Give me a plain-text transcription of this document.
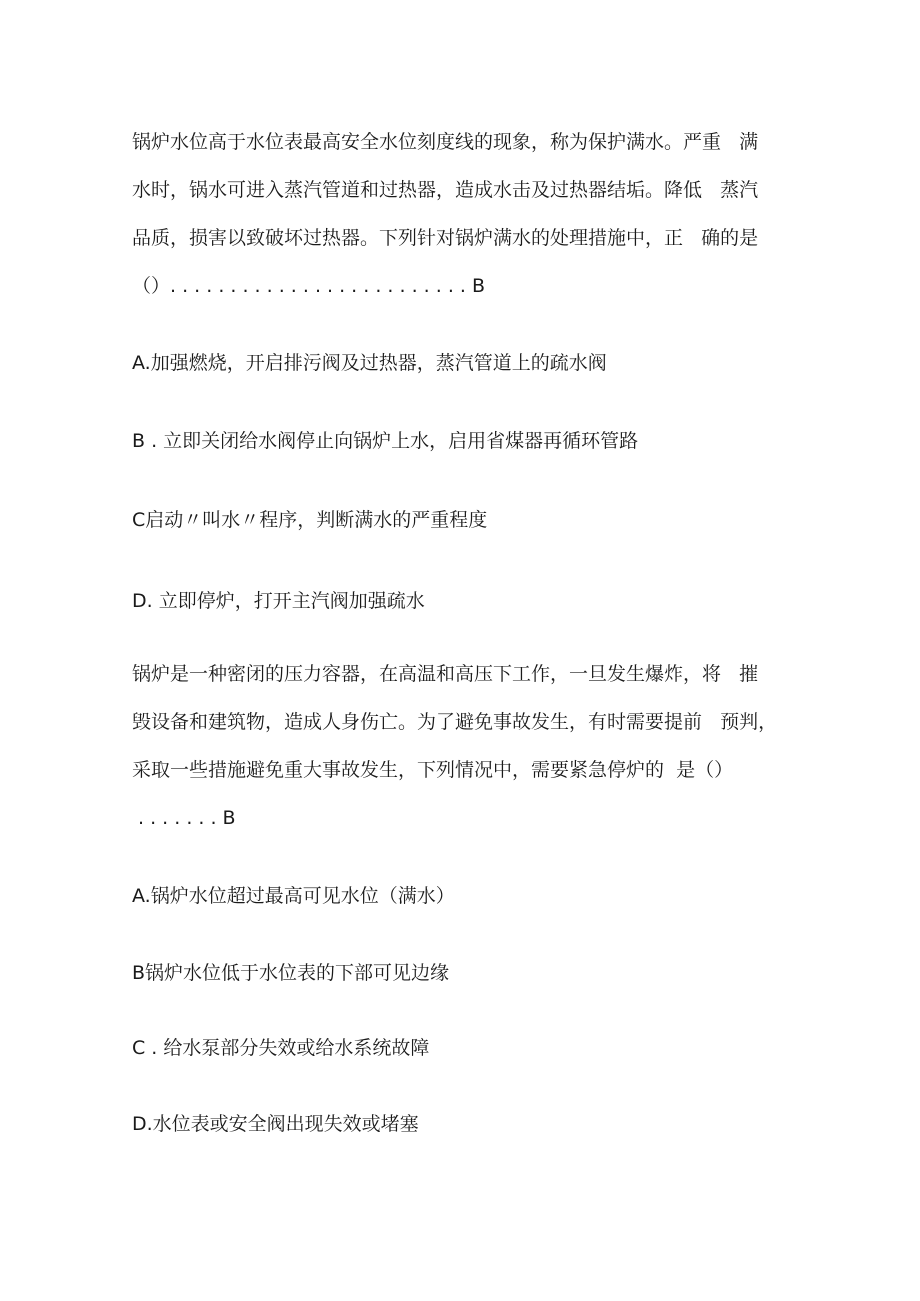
锅炉水位高于水位表最高安全水位刻度线的现象，称为保护满水。严重   满

水时，锅水可进入蒸汽管道和过热器，造成水击及过热器结垢。降低   蒸汽

品质，损害以致破坏过热器。下列针对锅炉满水的处理措施中，正   确的是

（）. . . . . . . . . . . . . . . . . . . . . . . . . B

A.加强燃烧，开启排污阀及过热器，蒸汽管道上的疏水阀

B . 立即关闭给水阀停止向锅炉上水，启用省煤器再循环管路

C启动〃叫水〃程序，判断满水的严重程度

D. 立即停炉，打开主汽阀加强疏水

锅炉是一种密闭的压力容器，在高温和高压下工作，一旦发生爆炸，将   摧

毁设备和建筑物，造成人身伤亡。为了避免事故发生，有时需要提前   预判，

采取一些措施避免重大事故发生，下列情况中，需要紧急停炉的  是（）

. . . . . . . B

A.锅炉水位超过最高可见水位（满水）

B锅炉水位低于水位表的下部可见边缘

C . 给水泵部分失效或给水系统故障

D.水位表或安全阀出现失效或堵塞
